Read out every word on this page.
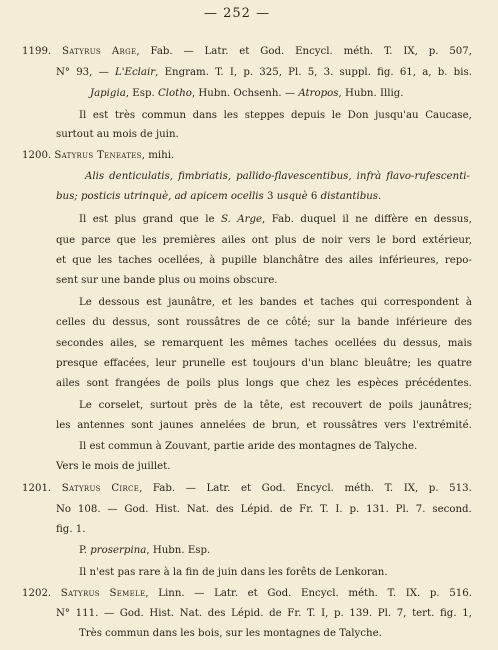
— 252 —
1199. Satyrus Arge, Fab. — Latr. et God. Encycl. méth. T. IX, p. 507,
N° 93, — L'Eclair, Engram. T. I, p. 325, Pl. 5, 3. suppl. fig. 61, a, b. bis.
Japigia, Esp. Clotho, Hubn. Ochsenh. — Atropos, Hubn. Illig.
Il est très commun dans les steppes depuis le Don jusqu'au Caucase,
surtout au mois de juin.
1200. Satyrus Teneates, mihi.
Alis denticulatis, fimbriatis, pallido-flavescentibus, infrà flavo-rufescenti-
bus; posticis utrinquè, ad apicem ocellis 3 usquè 6 distantibus.
Il est plus grand que le S. Arge, Fab. duquel il ne diffère en dessus,
que parce que les premières ailes ont plus de noir vers le bord extérieur,
et que les taches ocellées, à pupille blanchâtre des ailes inférieures, repo-
sent sur une bande plus ou moins obscure.
Le dessous est jaunâtre, et les bandes et taches qui correspondent à
celles du dessus, sont roussâtres de ce côté; sur la bande inférieure des
secondes ailes, se remarquent les mêmes taches ocellées du dessus, mais
presque effacées, leur prunelle est toujours d'un blanc bleuâtre; les quatre
ailes sont frangées de poils plus longs que chez les espèces précédentes.
Le corselet, surtout près de la tête, est recouvert de poils jaunâtres;
les antennes sont jaunes annelées de brun, et roussâtres vers l'extrémité.
Il est commun à Zouvant, partie aride des montagnes de Talyche.
Vers le mois de juillet.
1201. Satyrus Circe, Fab. — Latr. et God. Encycl. méth. T. IX, p. 513.
No 108. — God. Hist. Nat. des Lépid. de Fr. T. I. p. 131. Pl. 7. second.
fig. 1.
P. proserpina, Hubn. Esp.
Il n'est pas rare à la fin de juin dans les forêts de Lenkoran.
1202. Satyrus Semele, Linn. — Latr. et God. Encycl. méth. T. IX. p. 516.
N° 111. — God. Hist. Nat. des Lépid. de Fr. T. I, p. 139. Pl. 7, tert. fig. 1,
Très commun dans les bois, sur les montagnes de Talyche.
